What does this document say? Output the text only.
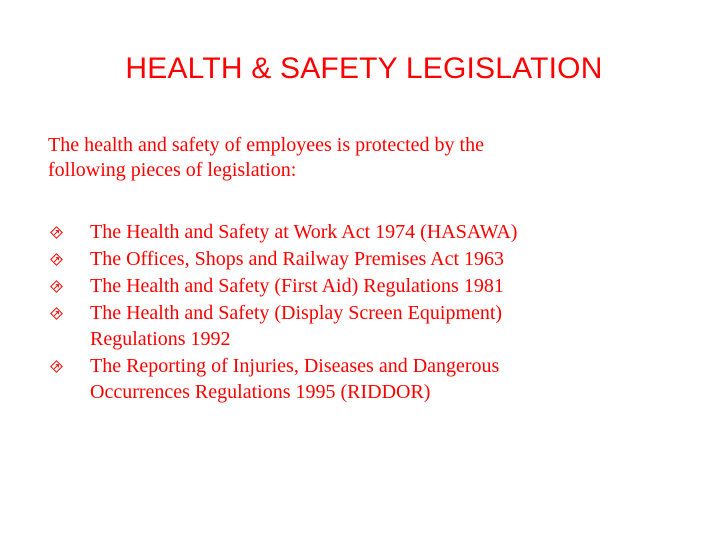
HEALTH & SAFETY LEGISLATION
The health and safety of employees is protected by the
following pieces of legislation:
The Health and Safety at Work Act 1974 (HASAWA)
The Offices, Shops and Railway Premises Act 1963
The Health and Safety (First Aid) Regulations 1981
The Health and Safety (Display Screen Equipment)
Regulations 1992
The Reporting of Injuries, Diseases and Dangerous
Occurrences Regulations 1995 (RIDDOR)
